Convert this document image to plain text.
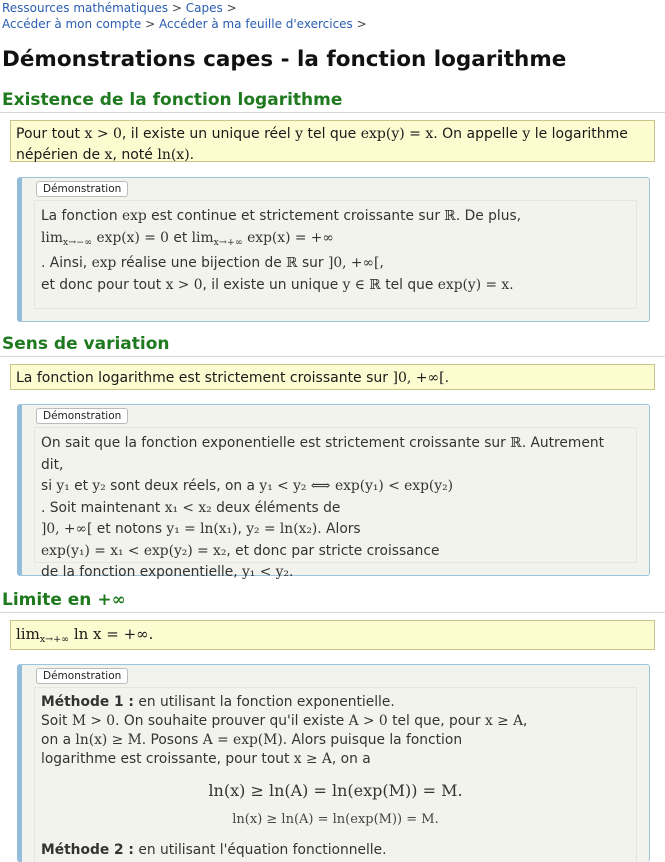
Ressources mathématiques > Capes >
Accéder à mon compte > Accéder à ma feuille d'exercices >
Démonstrations capes - la fonction logarithme
Existence de la fonction logarithme
Pour tout x > 0, il existe un unique réel y tel que exp(y) = x. On appelle y le logarithme népérien de x, noté ln(x).
Démonstration
La fonction exp est continue et strictement croissante sur ℝ. De plus,
$\lim_{x\to-\infty} \exp(x) = 0$ et $\lim_{x\to+\infty} \exp(x)$ = +∞
. Ainsi, exp réalise une bijection de ℝ sur ]0, +∞[,
et donc pour tout x > 0, il existe un unique y ∈ ℝ tel que exp(y) = x.
Sens de variation
La fonction logarithme est strictement croissante sur ]0, +∞[.
Démonstration
On sait que la fonction exponentielle est strictement croissante sur ℝ. Autrement dit,
si y₁ et y₂ sont deux réels, on a y₁ < y₂ ⟺ exp(y₁) < exp(y₂)
. Soit maintenant x₁ < x₂ deux éléments de
]0, +∞[ et notons y₁ = ln(x₁), y₂ = ln(x₂). Alors
exp(y₁) = x₁ < exp(y₂) = x₂, et donc par stricte croissance
de la fonction exponentielle, y₁ < y₂.
Limite en +∞
$\lim_{x\to+\infty} \ln x$ = +∞.
Démonstration
Méthode 1 : en utilisant la fonction exponentielle.
Soit M > 0. On souhaite prouver qu'il existe A > 0 tel que, pour x ≥ A,
on a ln(x) ≥ M. Posons A = exp(M). Alors puisque la fonction
logarithme est croissante, pour tout x ≥ A, on a
ln(x) ≥ ln(A) = ln(exp(M)) = M.
ln(x) ≥ ln(A) = ln(exp(M)) = M.
Méthode 2 : en utilisant l'équation fonctionnelle.
